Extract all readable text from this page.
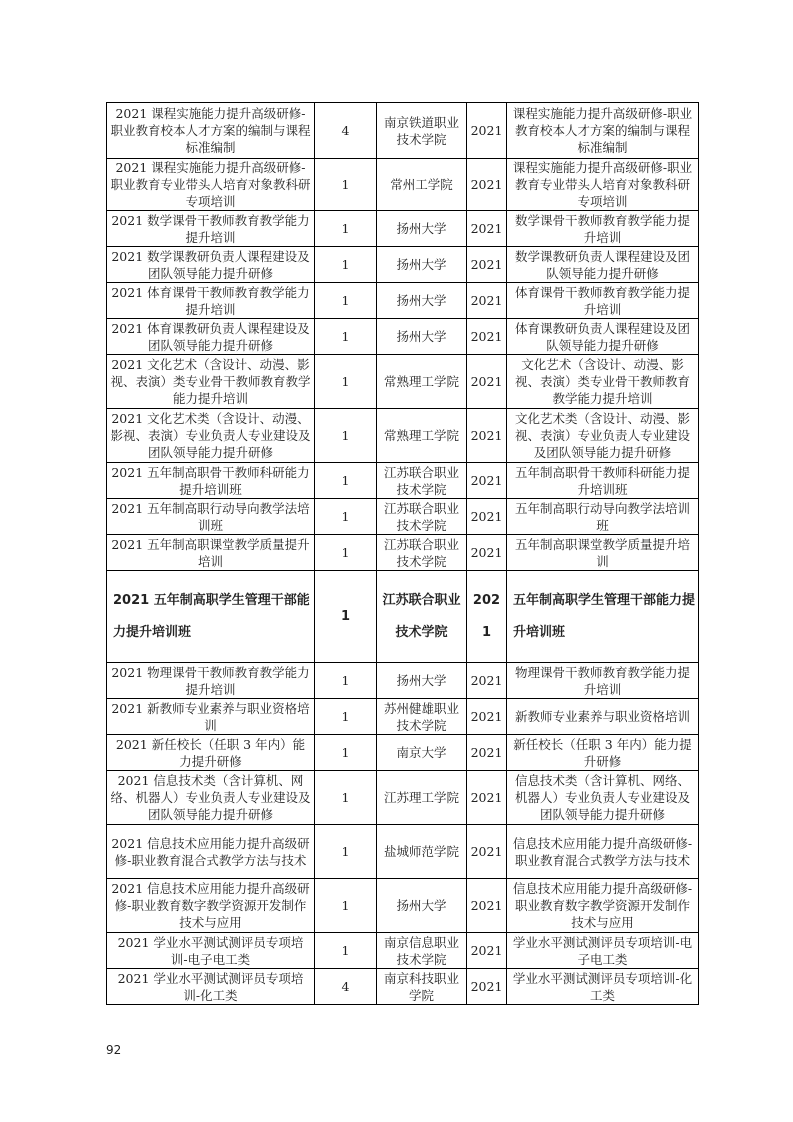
2021 课程实施能力提升高级研修-职业教育校本人才方案的编制与课程标准编制	4	南京铁道职业技术学院	2021	课程实施能力提升高级研修-职业教育校本人才方案的编制与课程标准编制
2021 课程实施能力提升高级研修-职业教育专业带头人培育对象教科研专项培训	1	常州工学院	2021	课程实施能力提升高级研修-职业教育专业带头人培育对象教科研专项培训
2021 数学课骨干教师教育教学能力提升培训	1	扬州大学	2021	数学课骨干教师教育教学能力提升培训
2021 数学课教研负责人课程建设及团队领导能力提升研修	1	扬州大学	2021	数学课教研负责人课程建设及团队领导能力提升研修
2021 体育课骨干教师教育教学能力提升培训	1	扬州大学	2021	体育课骨干教师教育教学能力提升培训
2021 体育课教研负责人课程建设及团队领导能力提升研修	1	扬州大学	2021	体育课教研负责人课程建设及团队领导能力提升研修
2021 文化艺术（含设计、动漫、影视、表演）类专业骨干教师教育教学能力提升培训	1	常熟理工学院	2021	文化艺术（含设计、动漫、影视、表演）类专业骨干教师教育教学能力提升培训
2021 文化艺术类（含设计、动漫、影视、表演）专业负责人专业建设及团队领导能力提升研修	1	常熟理工学院	2021	文化艺术类（含设计、动漫、影视、表演）专业负责人专业建设及团队领导能力提升研修
2021 五年制高职骨干教师科研能力提升培训班	1	江苏联合职业技术学院	2021	五年制高职骨干教师科研能力提升培训班
2021 五年制高职行动导向教学法培训班	1	江苏联合职业技术学院	2021	五年制高职行动导向教学法培训班
2021 五年制高职课堂教学质量提升培训	1	江苏联合职业技术学院	2021	五年制高职课堂教学质量提升培训
2021 五年制高职学生管理干部能力提升培训班	1	江苏联合职业技术学院	2021	五年制高职学生管理干部能力提升培训班
2021 物理课骨干教师教育教学能力提升培训	1	扬州大学	2021	物理课骨干教师教育教学能力提升培训
2021 新教师专业素养与职业资格培训	1	苏州健雄职业技术学院	2021	新教师专业素养与职业资格培训
2021 新任校长（任职 3 年内）能力提升研修	1	南京大学	2021	新任校长（任职 3 年内）能力提升研修
2021 信息技术类（含计算机、网络、机器人）专业负责人专业建设及团队领导能力提升研修	1	江苏理工学院	2021	信息技术类（含计算机、网络、机器人）专业负责人专业建设及团队领导能力提升研修
2021 信息技术应用能力提升高级研修-职业教育混合式教学方法与技术	1	盐城师范学院	2021	信息技术应用能力提升高级研修-职业教育混合式教学方法与技术
2021 信息技术应用能力提升高级研修-职业教育数字教学资源开发制作技术与应用	1	扬州大学	2021	信息技术应用能力提升高级研修-职业教育数字教学资源开发制作技术与应用
2021 学业水平测试测评员专项培训-电子电工类	1	南京信息职业技术学院	2021	学业水平测试测评员专项培训-电子电工类
2021 学业水平测试测评员专项培训-化工类	4	南京科技职业学院	2021	学业水平测试测评员专项培训-化工类
92
